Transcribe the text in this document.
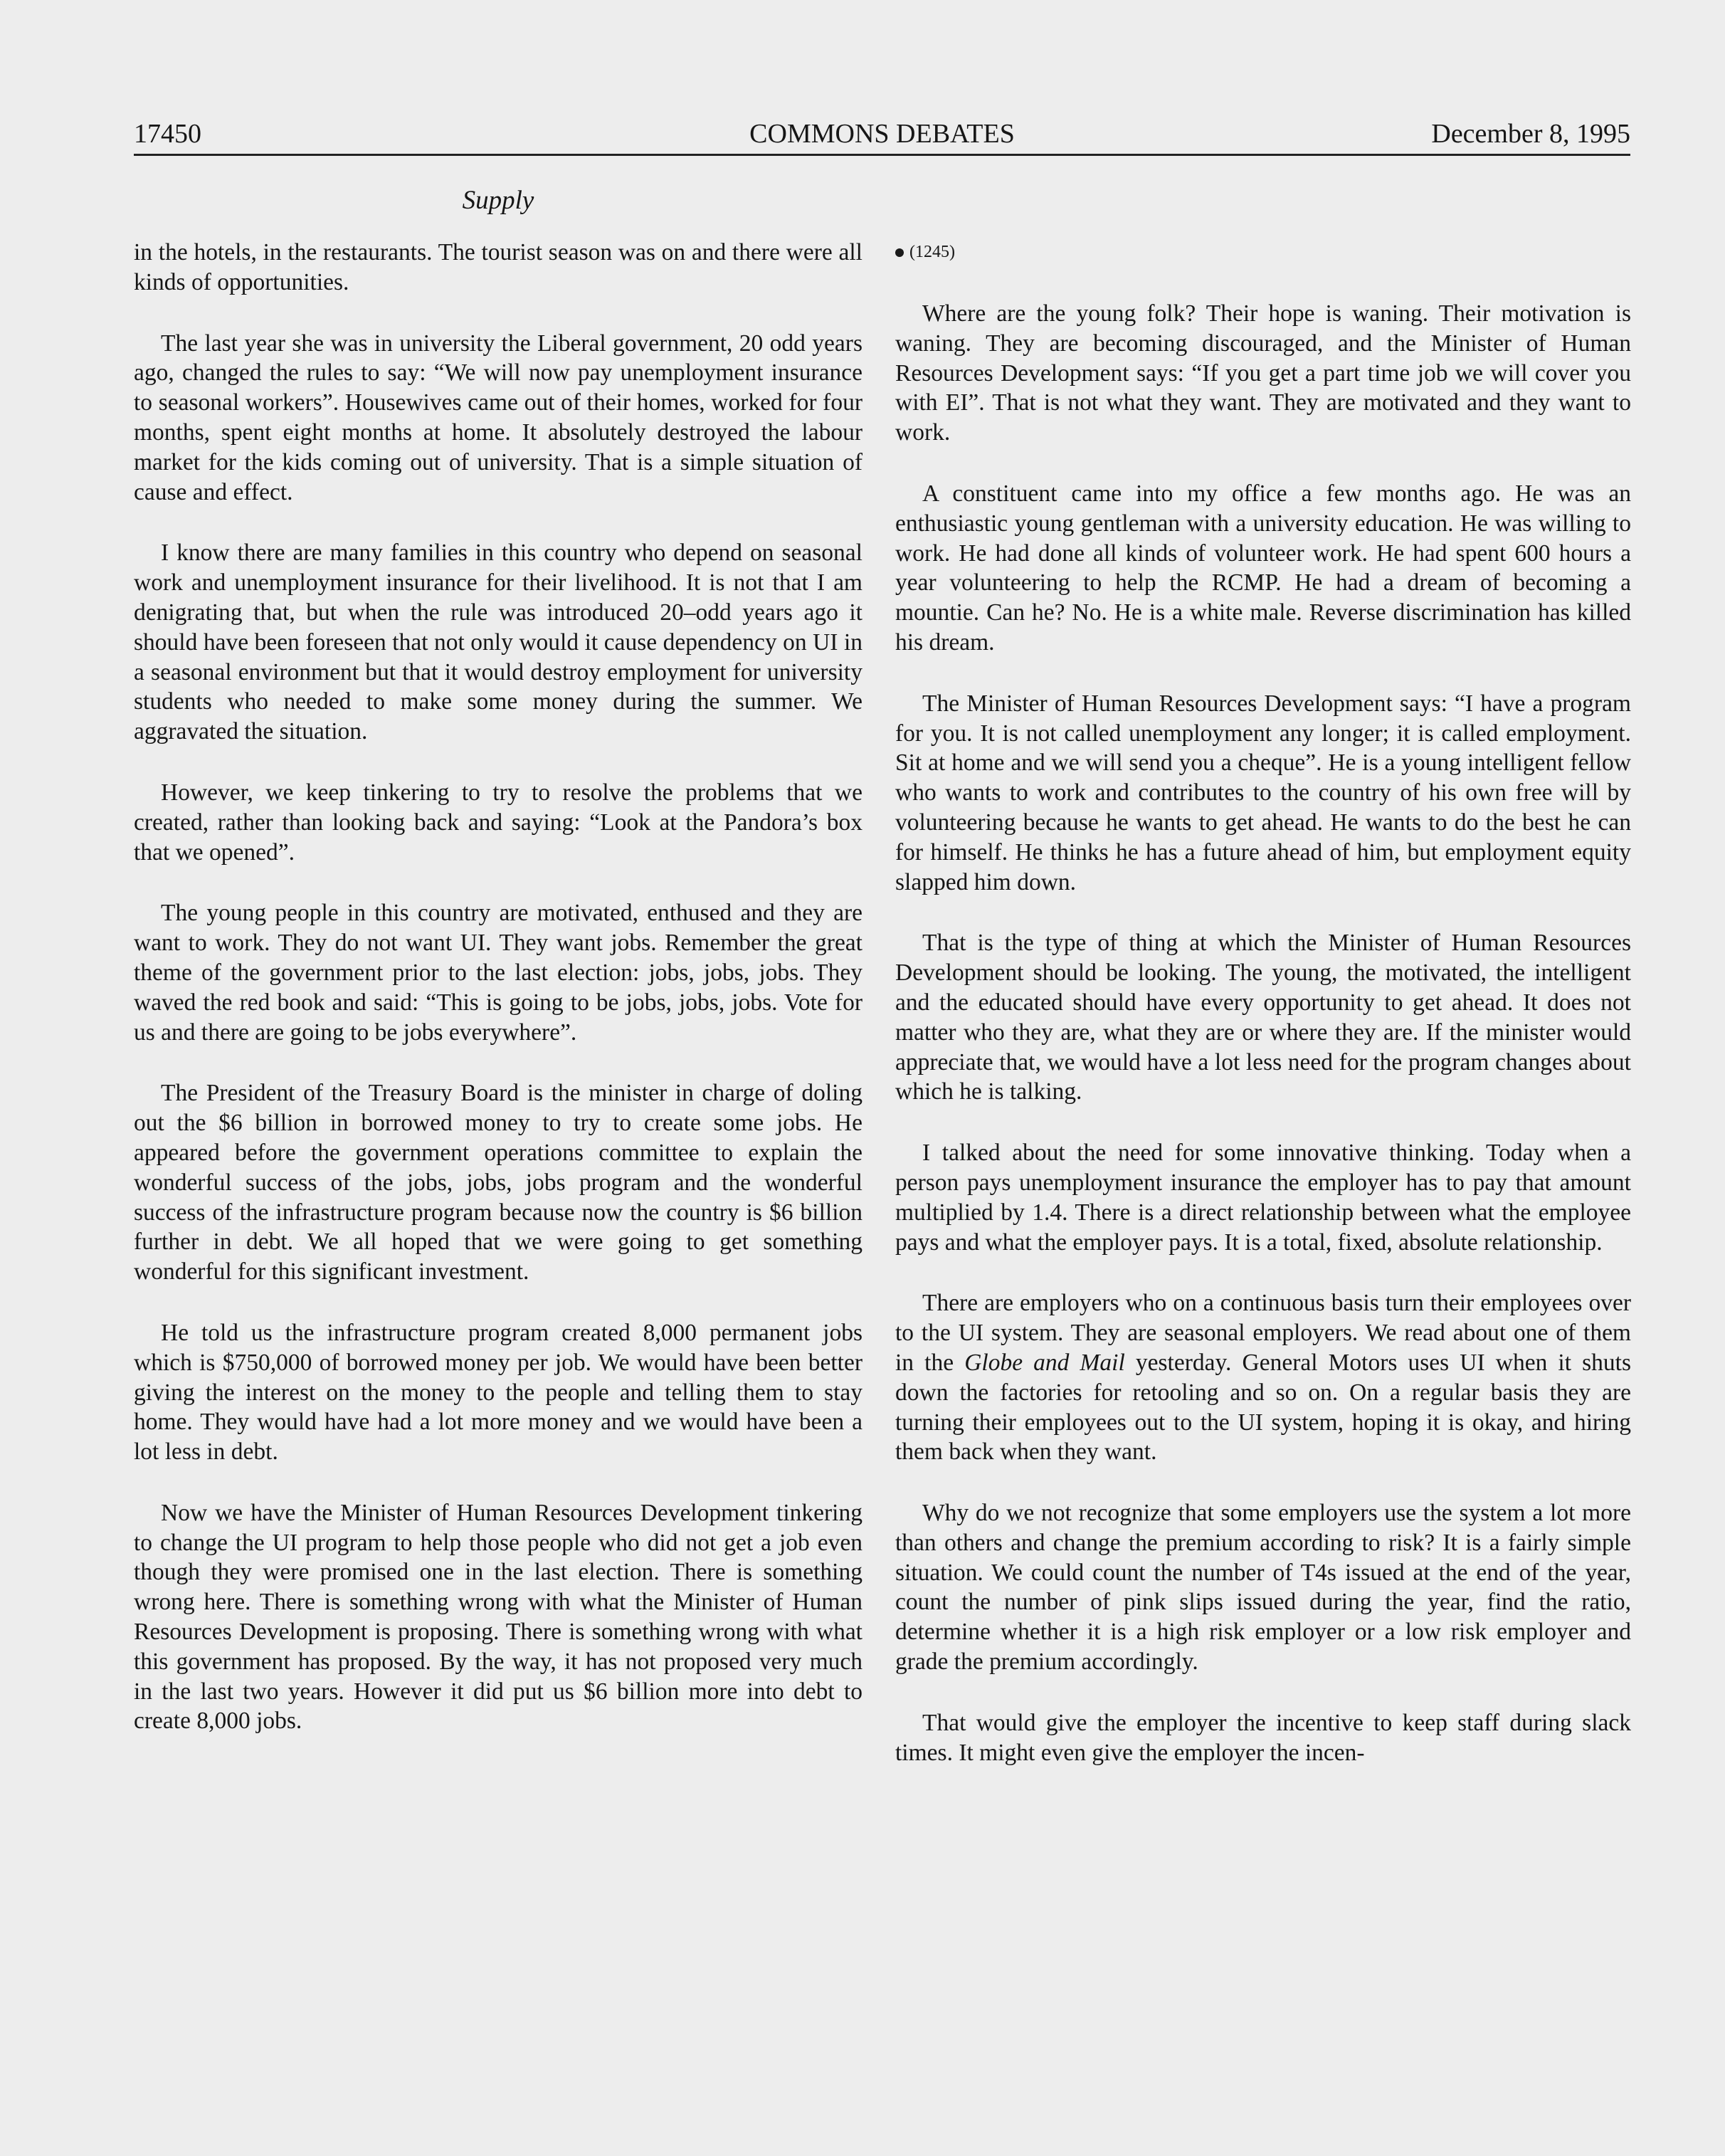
17450	COMMONS DEBATES	December 8, 1995
Supply

in the hotels, in the restaurants. The tourist season was on and there were all kinds of opportunities.

The last year she was in university the Liberal government, 20 odd years ago, changed the rules to say: “We will now pay unemployment insurance to seasonal workers”. Housewives came out of their homes, worked for four months, spent eight months at home. It absolutely destroyed the labour market for the kids coming out of university. That is a simple situation of cause and effect.

I know there are many families in this country who depend on seasonal work and unemployment insurance for their livelihood. It is not that I am denigrating that, but when the rule was introduced 20–odd years ago it should have been foreseen that not only would it cause dependency on UI in a seasonal environment but that it would destroy employment for university students who needed to make some money during the summer. We aggravated the situation.

However, we keep tinkering to try to resolve the problems that we created, rather than looking back and saying: “Look at the Pandora’s box that we opened”.

The young people in this country are motivated, enthused and they are want to work. They do not want UI. They want jobs. Remember the great theme of the government prior to the last election: jobs, jobs, jobs. They waved the red book and said: “This is going to be jobs, jobs, jobs. Vote for us and there are going to be jobs everywhere”.

The President of the Treasury Board is the minister in charge of doling out the $6 billion in borrowed money to try to create some jobs. He appeared before the government operations committee to explain the wonderful success of the jobs, jobs, jobs program and the wonderful success of the infrastructure program because now the country is $6 billion further in debt. We all hoped that we were going to get something wonderful for this significant investment.

He told us the infrastructure program created 8,000 permanent jobs which is $750,000 of borrowed money per job. We would have been better giving the interest on the money to the people and telling them to stay home. They would have had a lot more money and we would have been a lot less in debt.

Now we have the Minister of Human Resources Development tinkering to change the UI program to help those people who did not get a job even though they were promised one in the last election. There is something wrong here. There is something wrong with what the Minister of Human Resources Development is proposing. There is something wrong with what this government has proposed. By the way, it has not proposed very much in the last two years. However it did put us $6 billion more into debt to create 8,000 jobs.

(1245)

Where are the young folk? Their hope is waning. Their motivation is waning. They are becoming discouraged, and the Minister of Human Resources Development says: “If you get a part time job we will cover you with EI”. That is not what they want. They are motivated and they want to work.

A constituent came into my office a few months ago. He was an enthusiastic young gentleman with a university education. He was willing to work. He had done all kinds of volunteer work. He had spent 600 hours a year volunteering to help the RCMP. He had a dream of becoming a mountie. Can he? No. He is a white male. Reverse discrimination has killed his dream.

The Minister of Human Resources Development says: “I have a program for you. It is not called unemployment any longer; it is called employment. Sit at home and we will send you a cheque”. He is a young intelligent fellow who wants to work and contributes to the country of his own free will by volunteering because he wants to get ahead. He wants to do the best he can for himself. He thinks he has a future ahead of him, but employment equity slapped him down.

That is the type of thing at which the Minister of Human Resources Development should be looking. The young, the motivated, the intelligent and the educated should have every opportunity to get ahead. It does not matter who they are, what they are or where they are. If the minister would appreciate that, we would have a lot less need for the program changes about which he is talking.

I talked about the need for some innovative thinking. Today when a person pays unemployment insurance the employer has to pay that amount multiplied by 1.4. There is a direct relationship between what the employee pays and what the employer pays. It is a total, fixed, absolute relationship.

There are employers who on a continuous basis turn their employees over to the UI system. They are seasonal employers. We read about one of them in the Globe and Mail yesterday. General Motors uses UI when it shuts down the factories for retooling and so on. On a regular basis they are turning their employees out to the UI system, hoping it is okay, and hiring them back when they want.

Why do we not recognize that some employers use the system a lot more than others and change the premium according to risk? It is a fairly simple situation. We could count the number of T4s issued at the end of the year, count the number of pink slips issued during the year, find the ratio, determine whether it is a high risk employer or a low risk employer and grade the premium accordingly.

That would give the employer the incentive to keep staff during slack times. It might even give the employer the incen-
